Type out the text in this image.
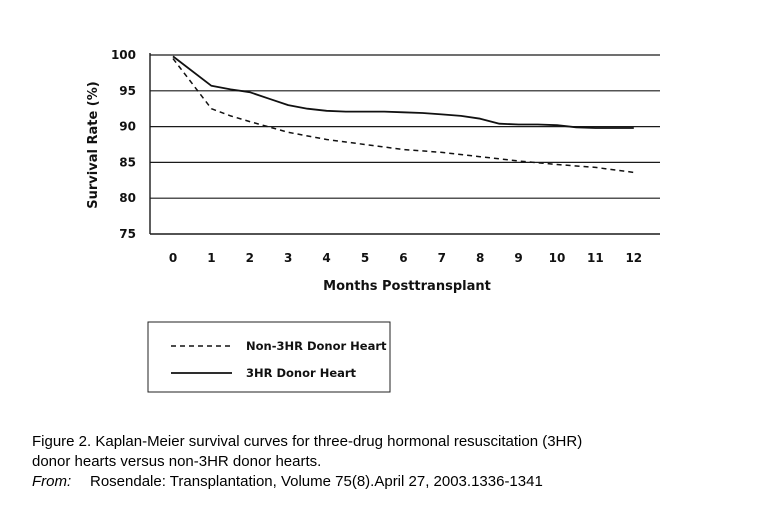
75
80
85
90
95
100
0	1	2	3	4	5	6	7	8	9 10 11 12
Survival Rate (%)
Months Posttransplant
Non-3HR Donor Heart
3HR Donor Heart

Figure 2. Kaplan-Meier survival curves for three-drug hormonal resuscitation (3HR)

donor hearts versus non-3HR donor hearts.

From: Rosendale: Transplantation, Volume 75(8).April 27, 2003.1336-1341
